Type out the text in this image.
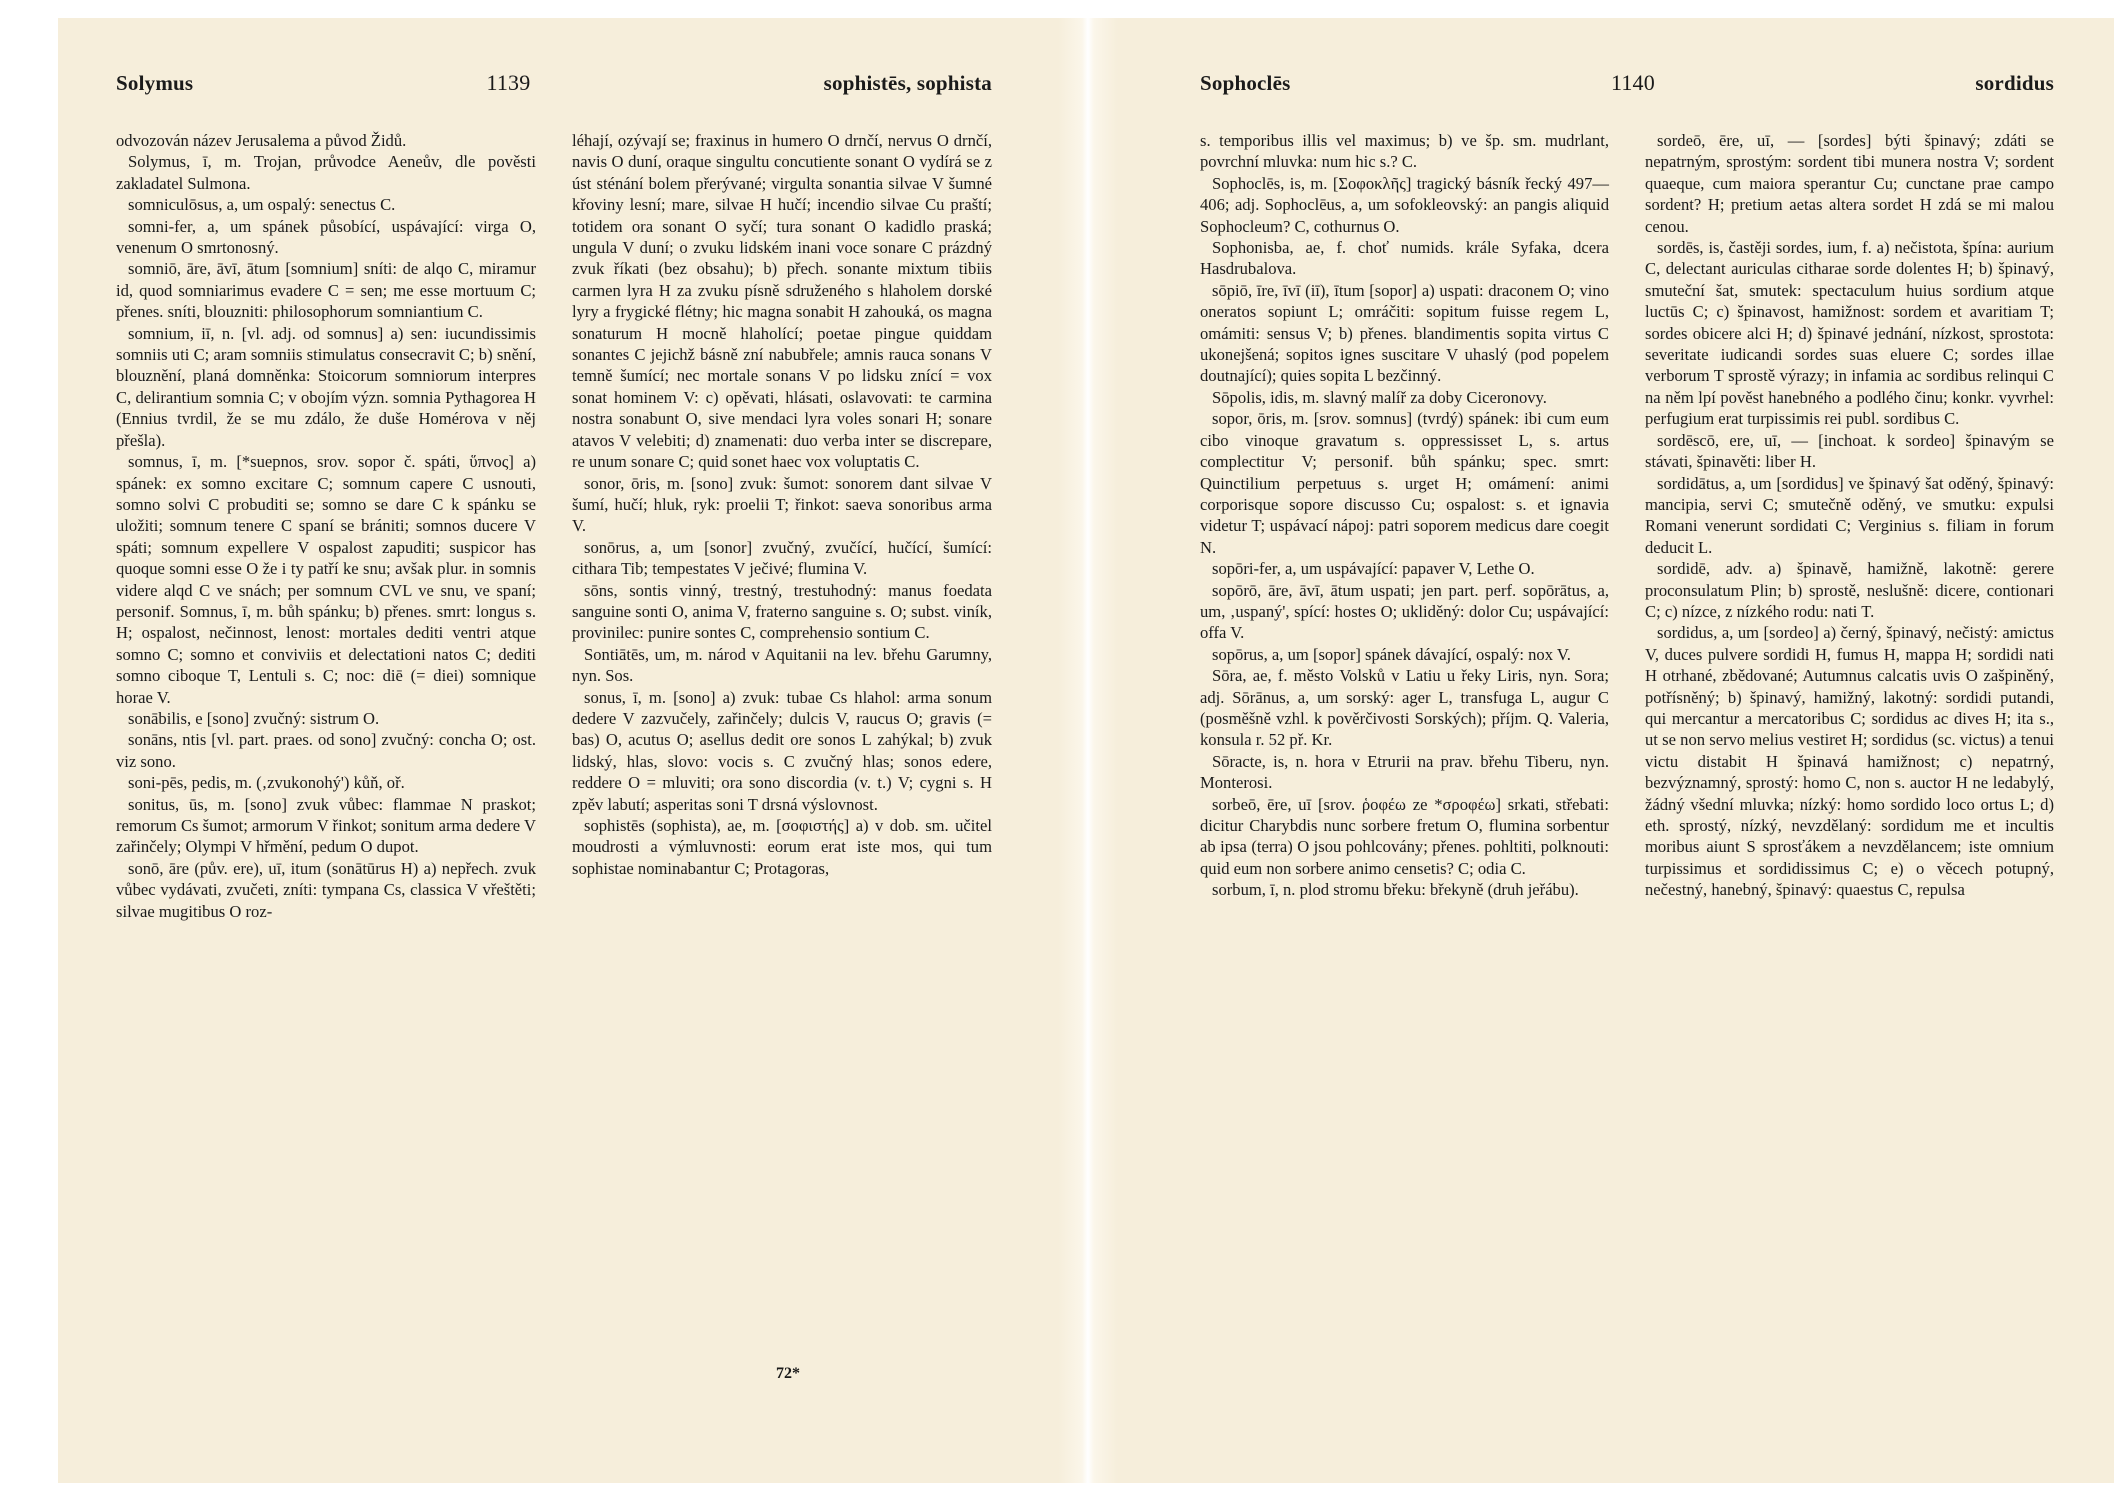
Solymus	1139	sophistēs, sophista

odvozován název Jerusalema a původ Židů.

Solymus, ī, m. Trojan, průvodce Aeneův, dle pověsti zakladatel Sulmona.

somniculōsus, a, um ospalý: senectus C.

somni-fer, a, um spánek působící, uspávající: virga O, venenum O smrtonosný.

somniō, āre, āvī, ātum [somnium] sníti: de alqo C, miramur id, quod somniarimus evadere C = sen; me esse mortuum C; přenes. sníti, blouzniti: philosophorum somniantium C.

somnium, iī, n. [vl. adj. od somnus] a) sen: iucundissimis somniis uti C; aram somniis stimulatus consecravit C; b) snění, blouznění, planá domněnka: Stoicorum somniorum interpres C, delirantium somnia C; v obojím význ. somnia Pythagorea H (Ennius tvrdil, že se mu zdálo, že duše Homérova v něj přešla).

somnus, ī, m. [*suepnos, srov. sopor č. spáti, ὕπνος] a) spánek: ex somno excitare C; somnum capere C usnouti, somno solvi C probuditi se; somno se dare C k spánku se uložiti; somnum tenere C spaní se brániti; somnos ducere V spáti; somnum expellere V ospalost zapuditi; suspicor has quoque somni esse O že i ty patří ke snu; avšak plur. in somnis videre alqd C ve snách; per somnum CVL ve snu, ve spaní; personif. Somnus, ī, m. bůh spánku; b) přenes. smrt: longus s. H; ospalost, nečinnost, lenost: mortales dediti ventri atque somno C; somno et conviviis et delectationi natos C; dediti somno ciboque T, Lentuli s. C; noc: diē (= diei) somnique horae V.

sonābilis, e [sono] zvučný: sistrum O.

sonāns, ntis [vl. part. praes. od sono] zvučný: concha O; ost. viz sono.

soni-pēs, pedis, m. (‚zvukonohý') kůň, oř.

sonitus, ūs, m. [sono] zvuk vůbec: flammae N praskot; remorum Cs šumot; armorum V řinkot; sonitum arma dedere V zařinčely; Olympi V hřmění, pedum O dupot.

sonō, āre (pův. ere), uī, itum (sonātūrus H) a) nepřech. zvuk vůbec vydávati, zvučeti, zníti: tympana Cs, classica V vřeštěti; silvae mugitibus O roz-

léhají, ozývají se; fraxinus in humero O drnčí, nervus O drnčí, navis O duní, oraque singultu concutiente sonant O vydírá se z úst sténání bolem přerývané; virgulta sonantia silvae V šumné křoviny lesní; mare, silvae H hučí; incendio silvae Cu praští; totidem ora sonant O syčí; tura sonant O kadidlo praská; ungula V duní; o zvuku lidském inani voce sonare C prázdný zvuk říkati (bez obsahu); b) přech. sonante mixtum tibiis carmen lyra H za zvuku písně sdruženého s hlaholem dorské lyry a frygické flétny; hic magna sonabit H zahouká, os magna sonaturum H mocně hlaholící; poetae pingue quiddam sonantes C jejichž básně zní nabubřele; amnis rauca sonans V temně šumící; nec mortale sonans V po lidsku znící = vox sonat hominem V: c) opěvati, hlásati, oslavovati: te carmina nostra sonabunt O, sive mendaci lyra voles sonari H; sonare atavos V velebiti; d) znamenati: duo verba inter se discrepare, re unum sonare C; quid sonet haec vox voluptatis C.

sonor, ōris, m. [sono] zvuk: šumot: sonorem dant silvae V šumí, hučí; hluk, ryk: proelii T; řinkot: saeva sonoribus arma V.

sonōrus, a, um [sonor] zvučný, zvučící, hučící, šumící: cithara Tib; tempestates V ječivé; flumina V.

sōns, sontis vinný, trestný, trestuhodný: manus foedata sanguine sonti O, anima V, fraterno sanguine s. O; subst. viník, provinilec: punire sontes C, comprehensio sontium C.

Sontiātēs, um, m. národ v Aquitanii na lev. břehu Garumny, nyn. Sos.

sonus, ī, m. [sono] a) zvuk: tubae Cs hlahol: arma sonum dedere V zazvučely, zařinčely; dulcis V, raucus O; gravis (= bas) O, acutus O; asellus dedit ore sonos L zahýkal; b) zvuk lidský, hlas, slovo: vocis s. C zvučný hlas; sonos edere, reddere O = mluviti; ora sono discordia (v. t.) V; cygni s. H zpěv labutí; asperitas soni T drsná výslovnost.

sophistēs (sophista), ae, m. [σοφιστής] a) v dob. sm. učitel moudrosti a výmluvnosti: eorum erat iste mos, qui tum sophistae nominabantur C; Protagoras,

72*
Sophoclēs	1140	sordidus

s. temporibus illis vel maximus; b) ve šp. sm. mudrlant, povrchní mluvka: num hic s.? C.

Sophoclēs, is, m. [Σοφοκλῆς] tragický básník řecký 497—406; adj. Sophoclēus, a, um sofokleovský: an pangis aliquid Sophocleum? C, cothurnus O.

Sophonisba, ae, f. choť numids. krále Syfaka, dcera Hasdrubalova.

sōpiō, īre, īvī (iī), ītum [sopor] a) uspati: draconem O; vino oneratos sopiunt L; omráčiti: sopitum fuisse regem L, omámiti: sensus V; b) přenes. blandimentis sopita virtus C ukonejšená; sopitos ignes suscitare V uhaslý (pod popelem doutnající); quies sopita L bezčinný.

Sōpolis, idis, m. slavný malíř za doby Ciceronovy.

sopor, ōris, m. [srov. somnus] (tvrdý) spánek: ibi cum eum cibo vinoque gravatum s. oppressisset L, s. artus complectitur V; personif. bůh spánku; spec. smrt: Quinctilium perpetuus s. urget H; omámení: animi corporisque sopore discusso Cu; ospalost: s. et ignavia videtur T; uspávací nápoj: patri soporem medicus dare coegit N.

sopōri-fer, a, um uspávající: papaver V, Lethe O.

sopōrō, āre, āvī, ātum uspati; jen part. perf. sopōrātus, a, um, ‚uspaný', spící: hostes O; ukliděný: dolor Cu; uspávající: offa V.

sopōrus, a, um [sopor] spánek dávající, ospalý: nox V.

Sōra, ae, f. město Volsků v Latiu u řeky Liris, nyn. Sora; adj. Sōrānus, a, um sorský: ager L, transfuga L, augur C (posměšně vzhl. k pověrčivosti Sorských); příjm. Q. Valeria, konsula r. 52 př. Kr.

Sōracte, is, n. hora v Etrurii na prav. břehu Tiberu, nyn. Monterosi.

sorbeō, ēre, uī [srov. ῥοφέω ze *σροφέω] srkati, střebati: dicitur Charybdis nunc sorbere fretum O, flumina sorbentur ab ipsa (terra) O jsou pohlcovány; přenes. pohltiti, polknouti: quid eum non sorbere animo censetis? C; odia C.

sorbum, ī, n. plod stromu břeku: břekyně (druh jeřábu).

sordeō, ēre, uī, — [sordes] býti špinavý; zdáti se nepatrným, sprostým: sordent tibi munera nostra V; sordent quaeque, cum maiora sperantur Cu; cunctane prae campo sordent? H; pretium aetas altera sordet H zdá se mi malou cenou.

sordēs, is, častěji sordes, ium, f. a) nečistota, špína: aurium C, delectant auriculas citharae sorde dolentes H; b) špinavý, smuteční šat, smutek: spectaculum huius sordium atque luctūs C; c) špinavost, hamižnost: sordem et avaritiam T; sordes obicere alci H; d) špinavé jednání, nízkost, sprostota: severitate iudicandi sordes suas eluere C; sordes illae verborum T sprostě výrazy; in infamia ac sordibus relinqui C na něm lpí pověst hanebného a podlého činu; konkr. vyvrhel: perfugium erat turpissimis rei publ. sordibus C.

sordēscō, ere, uī, — [inchoat. k sordeo] špinavým se stávati, špinavěti: liber H.

sordidātus, a, um [sordidus] ve špinavý šat oděný, špinavý: mancipia, servi C; smutečně oděný, ve smutku: expulsi Romani venerunt sordidati C; Verginius s. filiam in forum deducit L.

sordidē, adv. a) špinavě, hamižně, lakotně: gerere proconsulatum Plin; b) sprostě, neslušně: dicere, contionari C; c) nízce, z nízkého rodu: nati T.

sordidus, a, um [sordeo] a) černý, špinavý, nečistý: amictus V, duces pulvere sordidi H, fumus H, mappa H; sordidi nati H otrhané, zbědované; Autumnus calcatis uvis O zašpiněný, potřísněný; b) špinavý, hamižný, lakotný: sordidi putandi, qui mercantur a mercatoribus C; sordidus ac dives H; ita s., ut se non servo melius vestiret H; sordidus (sc. victus) a tenui victu distabit H špinavá hamižnost; c) nepatrný, bezvýznamný, sprostý: homo C, non s. auctor H ne ledabylý, žádný všední mluvka; nízký: homo sordido loco ortus L; d) eth. sprostý, nízký, nevzdělaný: sordidum me et incultis moribus aiunt S sprosťákem a nevzdělancem; iste omnium turpissimus et sordidissimus C; e) o věcech potupný, nečestný, hanebný, špinavý: quaestus C, repulsa
